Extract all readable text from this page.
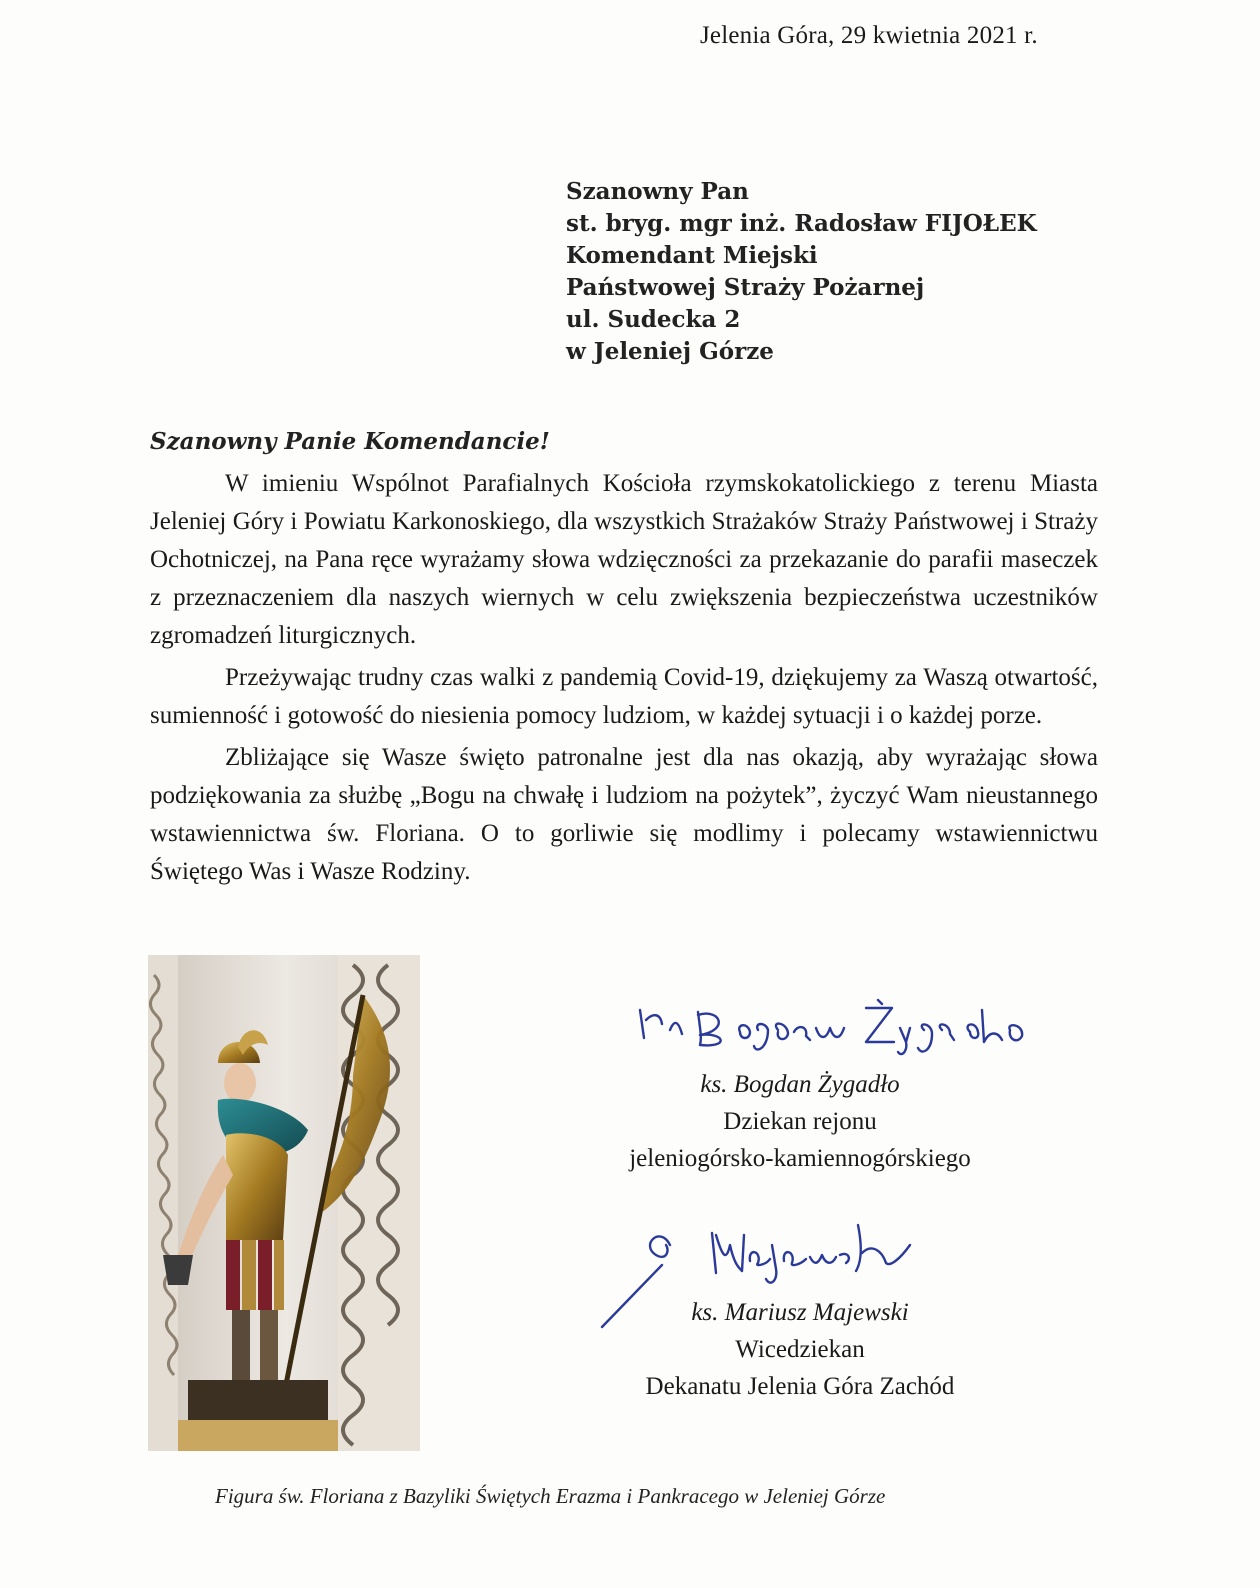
Jelenia Góra, 29 kwietnia 2021 r.
Szanowny Pan
st. bryg. mgr inż. Radosław FIJOŁEK
Komendant Miejski
Państwowej Straży Pożarnej
ul. Sudecka 2
w Jeleniej Górze
Szanowny Panie Komendancie!

W imieniu Wspólnot Parafialnych Kościoła rzymskokatolickiego z terenu Miasta Jeleniej Góry i Powiatu Karkonoskiego, dla wszystkich Strażaków Straży Państwowej i Straży Ochotniczej, na Pana ręce wyrażamy słowa wdzięczności za przekazanie do parafii maseczek z przeznaczeniem dla naszych wiernych w celu zwiększenia bezpieczeństwa uczestników zgromadzeń liturgicznych.

Przeżywając trudny czas walki z pandemią Covid-19, dziękujemy za Waszą otwartość, sumienność i gotowość do niesienia pomocy ludziom, w każdej sytuacji i o każdej porze.

Zbliżające się Wasze święto patronalne jest dla nas okazją, aby wyrażając słowa podziękowania za służbę „Bogu na chwałę i ludziom na pożytek”, życzyć Wam nieustannego wstawiennictwa św. Floriana. O to gorliwie się modlimy i polecamy wstawiennictwu Świętego Was i Wasze Rodziny.

ks. Bogdan Żygadło
Dziekan rejonu
jeleniogórsko-kamiennogórskiego
ks. Mariusz Majewski
Wicedziekan
Dekanatu Jelenia Góra Zachód
Figura św. Floriana z Bazyliki Świętych Erazma i Pankracego w Jeleniej Górze
